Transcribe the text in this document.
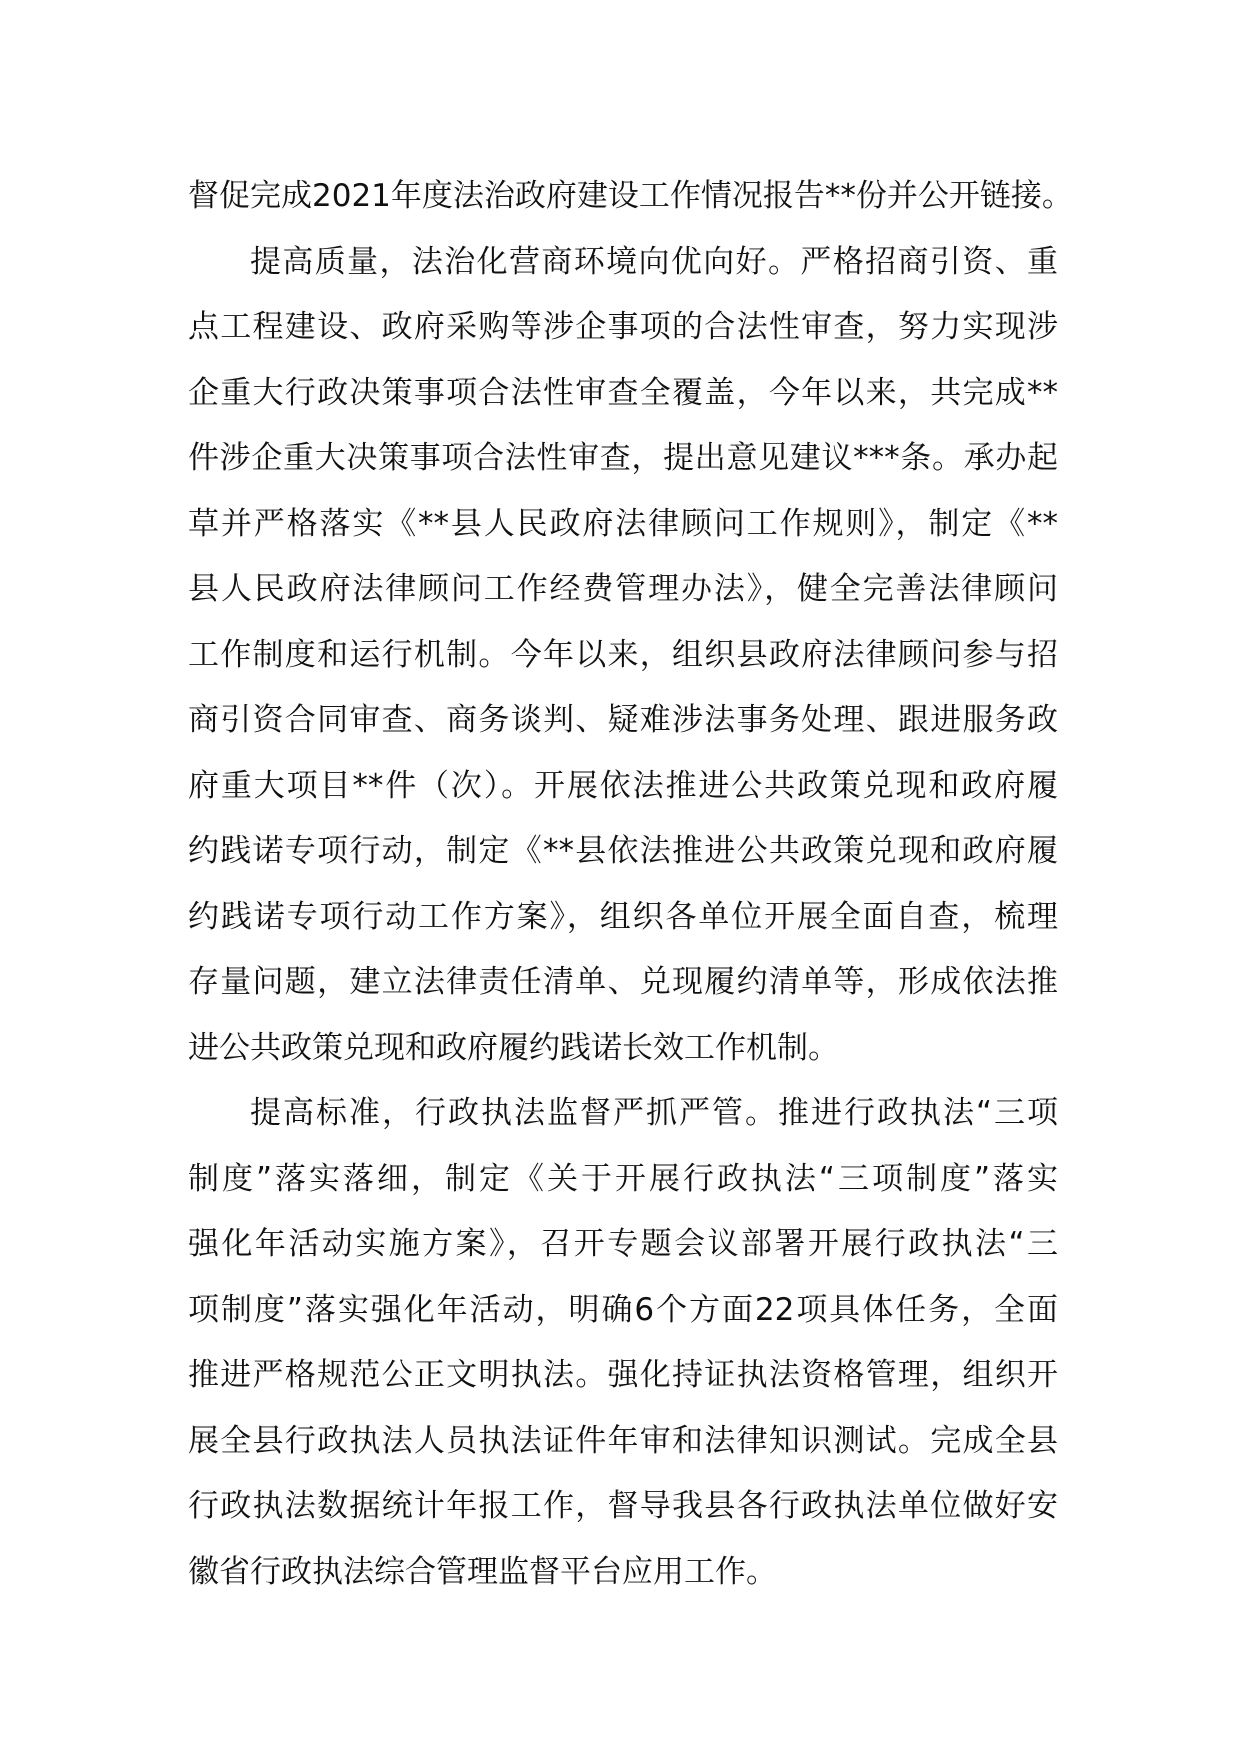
督促完成2021年度法治政府建设工作情况报告**份并公开链接。
提高质量，法治化营商环境向优向好。严格招商引资、重
点工程建设、政府采购等涉企事项的合法性审查，努力实现涉
企重大行政决策事项合法性审查全覆盖，今年以来，共完成**
件涉企重大决策事项合法性审查，提出意见建议***条。承办起
草并严格落实《**县人民政府法律顾问工作规则》，制定《**
县人民政府法律顾问工作经费管理办法》，健全完善法律顾问
工作制度和运行机制。今年以来，组织县政府法律顾问参与招
商引资合同审查、商务谈判、疑难涉法事务处理、跟进服务政
府重大项目**件（次）。开展依法推进公共政策兑现和政府履
约践诺专项行动，制定《**县依法推进公共政策兑现和政府履
约践诺专项行动工作方案》，组织各单位开展全面自查，梳理
存量问题，建立法律责任清单、兑现履约清单等，形成依法推
进公共政策兑现和政府履约践诺长效工作机制。
提高标准，行政执法监督严抓严管。推进行政执法“三项
制度”落实落细，制定《关于开展行政执法“三项制度”落实
强化年活动实施方案》，召开专题会议部署开展行政执法“三
项制度”落实强化年活动，明确6个方面22项具体任务，全面
推进严格规范公正文明执法。强化持证执法资格管理，组织开
展全县行政执法人员执法证件年审和法律知识测试。完成全县
行政执法数据统计年报工作，督导我县各行政执法单位做好安
徽省行政执法综合管理监督平台应用工作。
